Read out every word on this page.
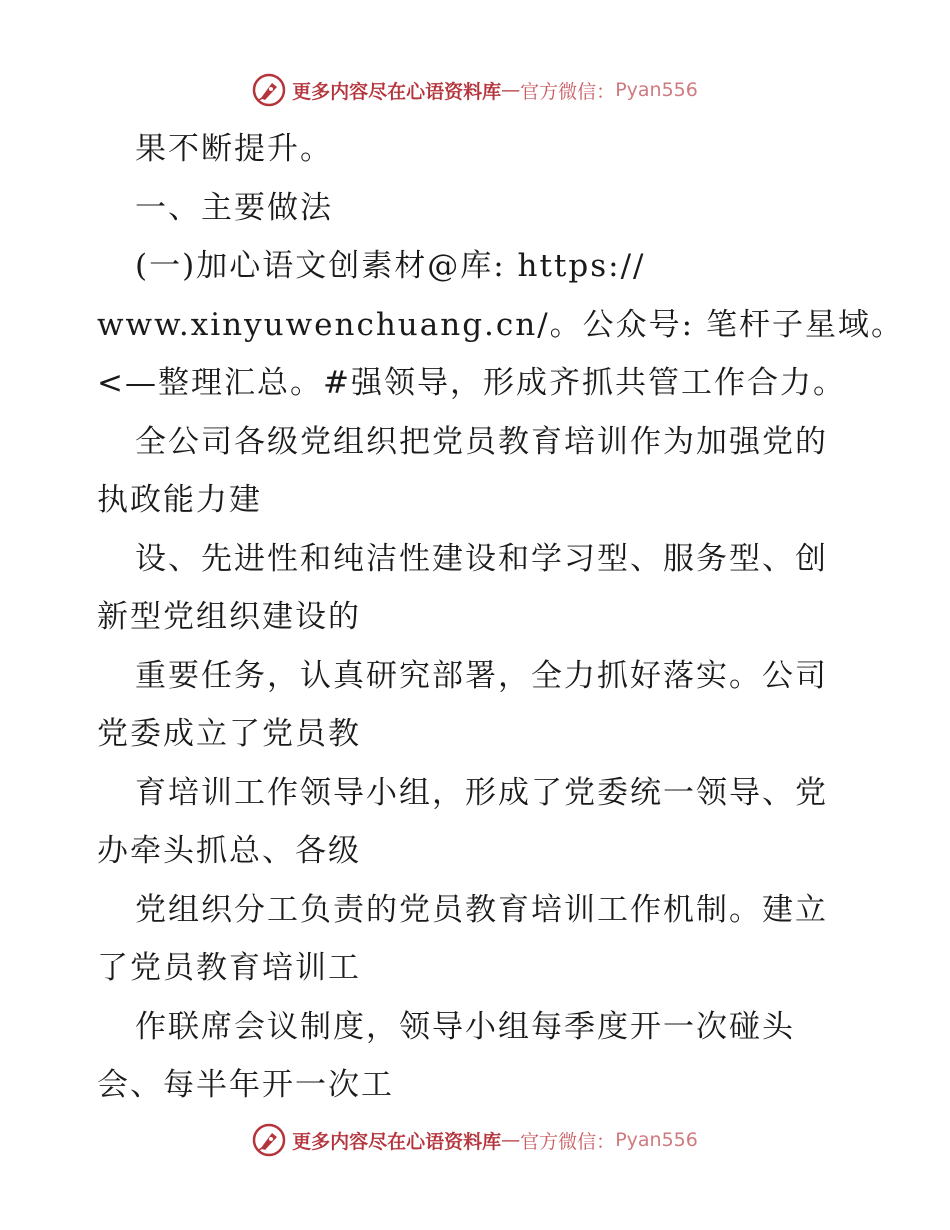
更多内容尽在心语资料库 — 官方微信： Pyan556
果不断提升。
一、主要做法
(一)加心语文创素材@库: https://
www.xinyuwenchuang.cn/。公众号: 笔杆子星域。
<—整理汇总。#强领导，形成齐抓共管工作合力。
全公司各级党组织把党员教育培训作为加强党的
执政能力建
设、先进性和纯洁性建设和学习型、服务型、创
新型党组织建设的
重要任务，认真研究部署，全力抓好落实。公司
党委成立了党员教
育培训工作领导小组，形成了党委统一领导、党
办牵头抓总、各级
党组织分工负责的党员教育培训工作机制。建立
了党员教育培训工
作联席会议制度，领导小组每季度开一次碰头
会、每半年开一次工
更多内容尽在心语资料库 — 官方微信： Pyan556
